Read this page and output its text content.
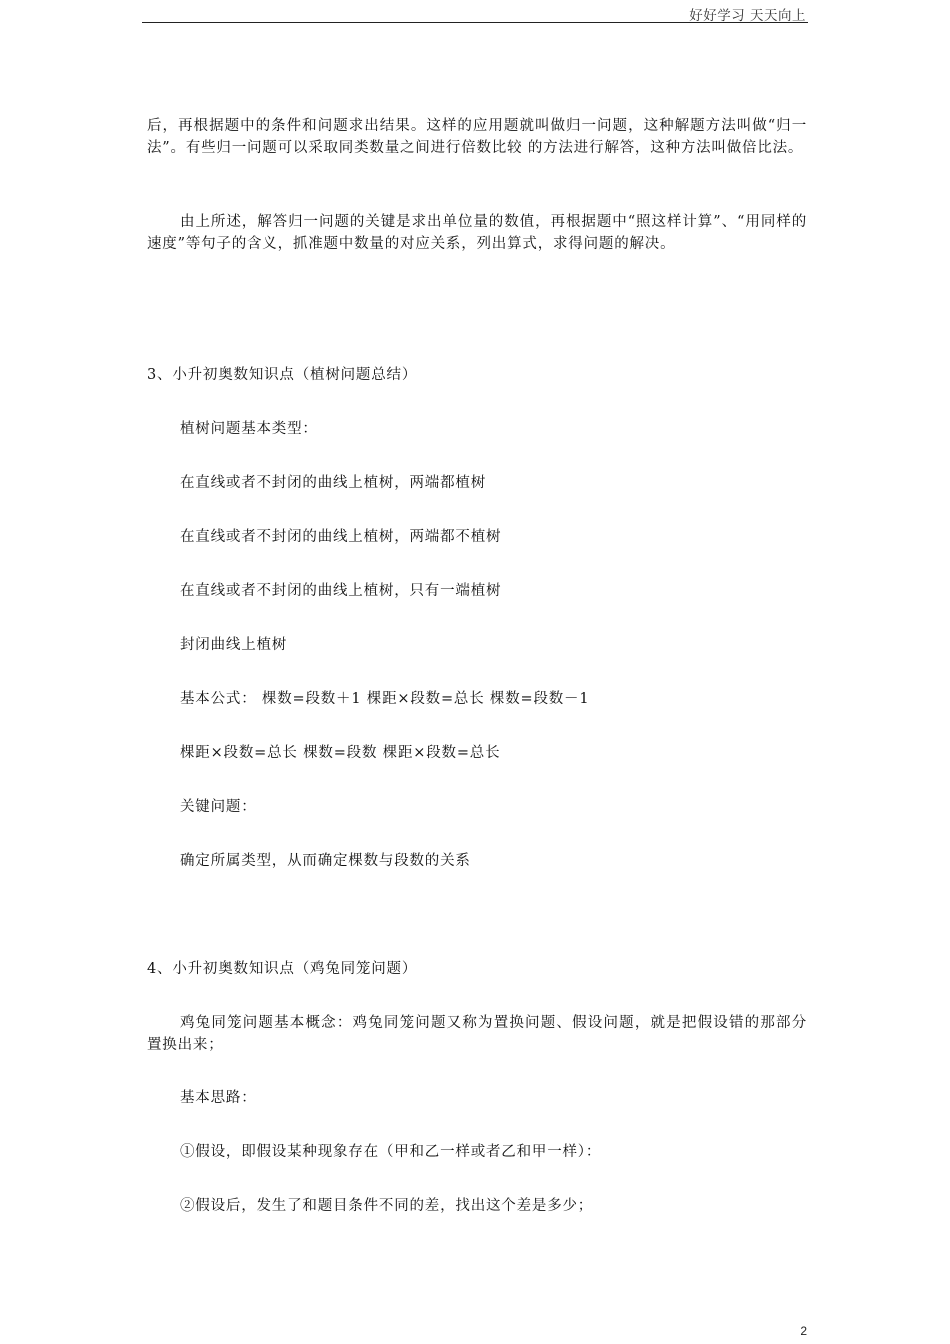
好好学习 天天向上

后，再根据题中的条件和问题求出结果。这样的应用题就叫做归一问题，这种解题方法叫做“归一法”。有些归一问题可以采取同类数量之间进行倍数比较 的方法进行解答，这种方法叫做倍比法。

由上所述，解答归一问题的关键是求出单位量的数值，再根据题中“照这样计算”、“用同样的速度”等句子的含义，抓准题中数量的对应关系，列出算式，求得问题的解决。

3、小升初奥数知识点（植树问题总结）

植树问题基本类型：

在直线或者不封闭的曲线上植树，两端都植树

在直线或者不封闭的曲线上植树，两端都不植树

在直线或者不封闭的曲线上植树，只有一端植树

封闭曲线上植树

基本公式： 棵数=段数＋1 棵距×段数=总长 棵数=段数－1

棵距×段数=总长 棵数=段数 棵距×段数=总长

关键问题：

确定所属类型，从而确定棵数与段数的关系

4、小升初奥数知识点（鸡兔同笼问题）

鸡兔同笼问题基本概念：鸡兔同笼问题又称为置换问题、假设问题，就是把假设错的那部分置换出来；

基本思路：

①假设，即假设某种现象存在（甲和乙一样或者乙和甲一样）：

②假设后，发生了和题目条件不同的差，找出这个差是多少；

2
